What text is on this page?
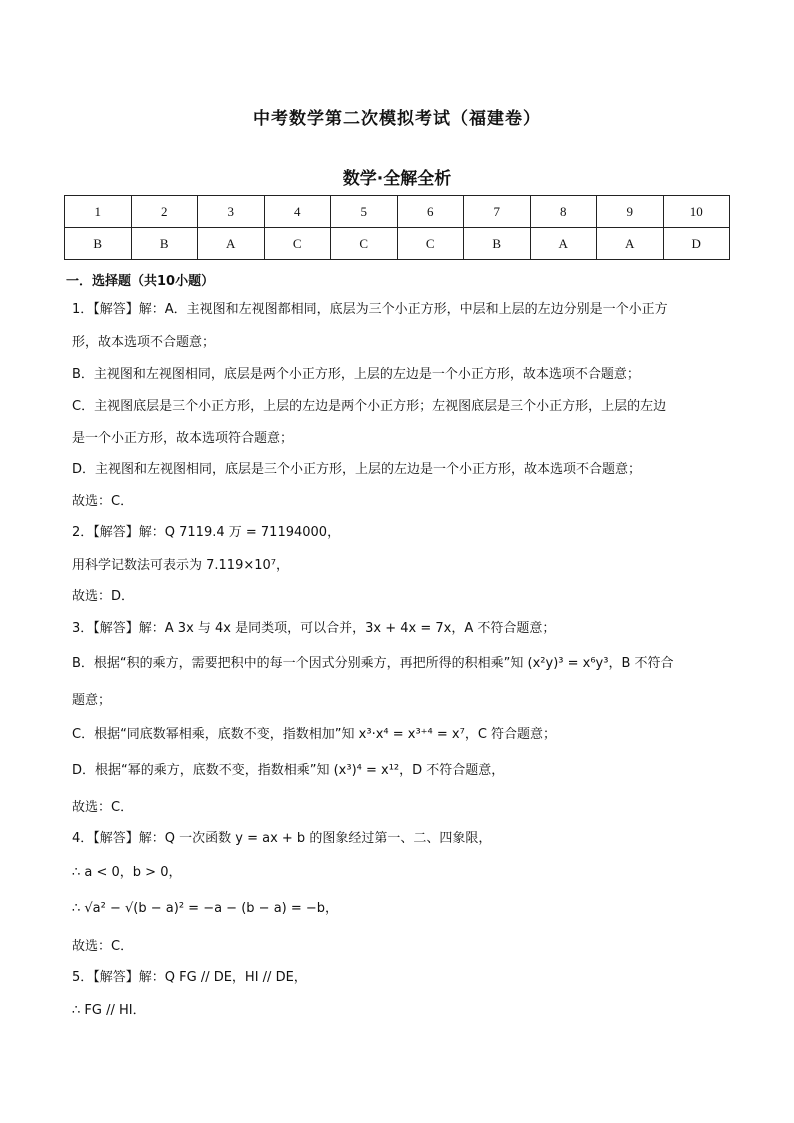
中考数学第二次模拟考试（福建卷）
数学·全解全析
1	2	3	4	5	6	7	8	9	10
B	B	A	C	C	C	B	A	A	D
一．选择题（共10小题）
1．【解答】解：A．主视图和左视图都相同，底层为三个小正方形，中层和上层的左边分别是一个小正方
形，故本选项不合题意；
B．主视图和左视图相同，底层是两个小正方形，上层的左边是一个小正方形，故本选项不合题意；
C．主视图底层是三个小正方形，上层的左边是两个小正方形；左视图底层是三个小正方形，上层的左边
是一个小正方形，故本选项符合题意；
D．主视图和左视图相同，底层是三个小正方形，上层的左边是一个小正方形，故本选项不合题意；
故选：C．
2．【解答】解：Q 7119.4 万 = 71194000，
用科学记数法可表示为 7.119×10⁷，
故选：D．
3．【解答】解：A 3x 与 4x 是同类项，可以合并，3x + 4x = 7x，A 不符合题意；
B．根据“积的乘方，需要把积中的每一个因式分别乘方，再把所得的积相乘”知 (x²y)³ = x⁶y³，B 不符合
题意；
C．根据“同底数幂相乘，底数不变，指数相加”知 x³·x⁴ = x³⁺⁴ = x⁷，C 符合题意；
D．根据“幂的乘方，底数不变，指数相乘”知 (x³)⁴ = x¹²，D 不符合题意，
故选：C．
4．【解答】解：Q 一次函数 y = ax + b 的图象经过第一、二、四象限，
∴ a < 0，b > 0，
∴ √a² − √(b − a)² = −a − (b − a) = −b，
故选：C．
5．【解答】解：Q FG // DE，HI // DE，
∴ FG // HI．
